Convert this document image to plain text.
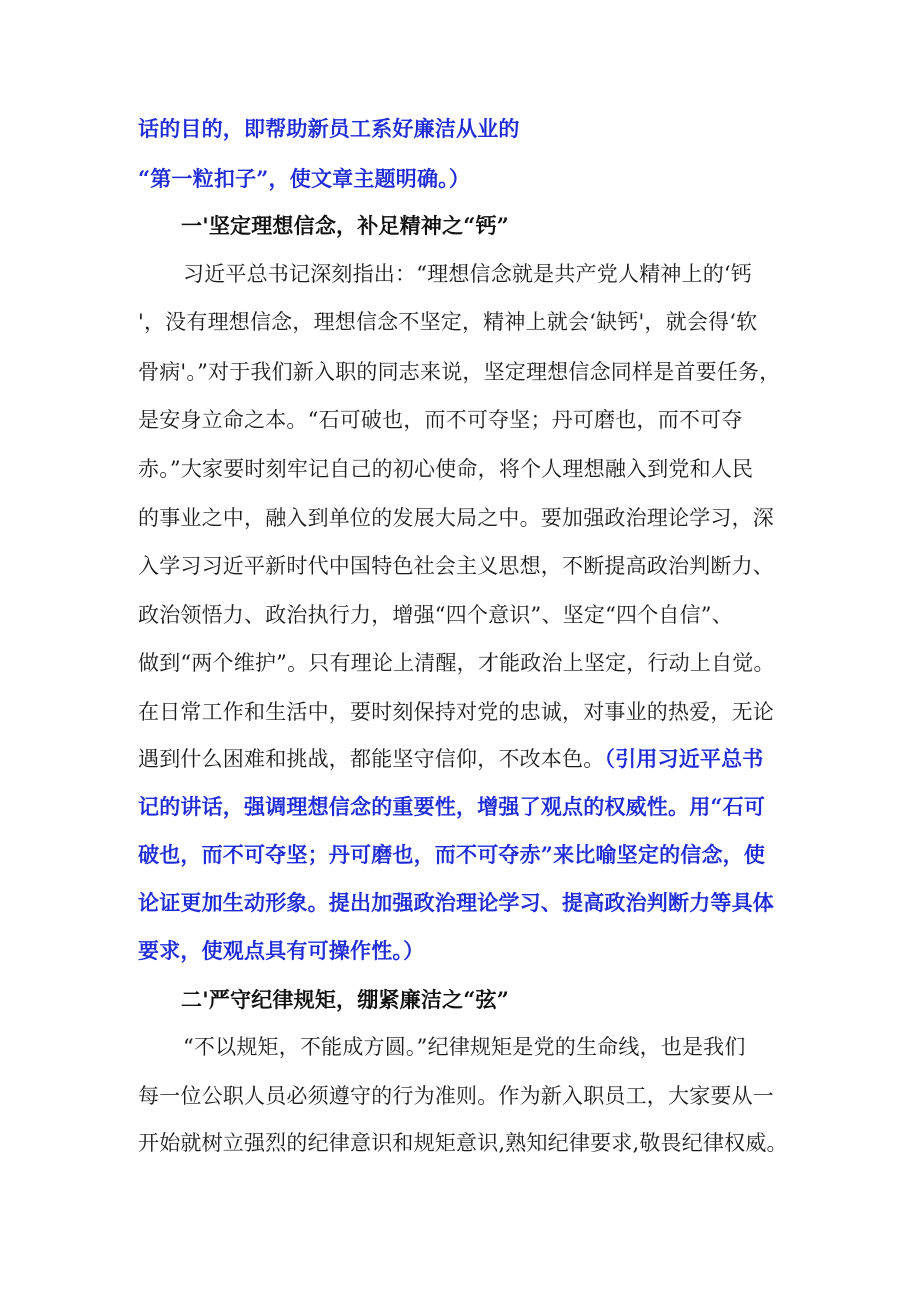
话的目的，即帮助新员工系好廉洁从业的
“第一粒扣子”，使文章主题明确。）
一'坚定理想信念，补足精神之“钙”
习近平总书记深刻指出：“理想信念就是共产党人精神上的‘钙
'，没有理想信念，理想信念不坚定，精神上就会‘缺钙'，就会得‘软
骨病'。”对于我们新入职的同志来说，坚定理想信念同样是首要任务，
是安身立命之本。“石可破也，而不可夺坚；丹可磨也，而不可夺
赤。”大家要时刻牢记自己的初心使命，将个人理想融入到党和人民
的事业之中，融入到单位的发展大局之中。要加强政治理论学习，深
入学习习近平新时代中国特色社会主义思想，不断提高政治判断力、
政治领悟力、政治执行力，增强“四个意识”、坚定“四个自信”、
做到“两个维护”。只有理论上清醒，才能政治上坚定，行动上自觉。
在日常工作和生活中，要时刻保持对党的忠诚，对事业的热爱，无论
遇到什么困难和挑战，都能坚守信仰，不改本色。（引用习近平总书
记的讲话，强调理想信念的重要性，增强了观点的权威性。用“石可
破也，而不可夺坚；丹可磨也，而不可夺赤”来比喻坚定的信念，使
论证更加生动形象。提出加强政治理论学习、提高政治判断力等具体
要求，使观点具有可操作性。）
二'严守纪律规矩，绷紧廉洁之“弦”
“不以规矩，不能成方圆。”纪律规矩是党的生命线，也是我们
每一位公职人员必须遵守的行为准则。作为新入职员工，大家要从一
开始就树立强烈的纪律意识和规矩意识,熟知纪律要求,敬畏纪律权威。
